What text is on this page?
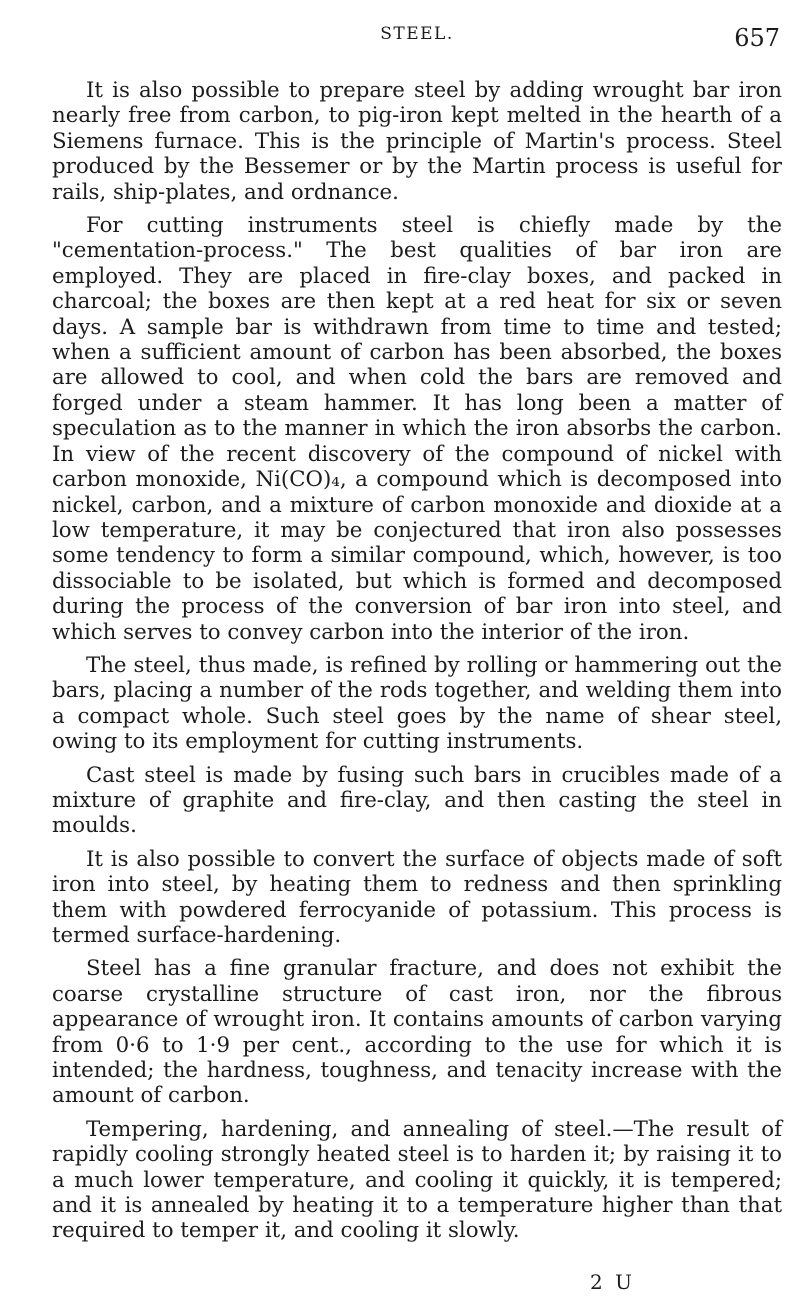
STEEL.	657

It is also possible to prepare steel by adding wrought bar iron nearly free from carbon, to pig-iron kept melted in the hearth of a Siemens furnace. This is the principle of Martin's process. Steel produced by the Bessemer or by the Martin process is useful for rails, ship-plates, and ordnance.

For cutting instruments steel is chiefly made by the "cementation-process." The best qualities of bar iron are employed. They are placed in fire-clay boxes, and packed in charcoal; the boxes are then kept at a red heat for six or seven days. A sample bar is withdrawn from time to time and tested; when a sufficient amount of carbon has been absorbed, the boxes are allowed to cool, and when cold the bars are removed and forged under a steam hammer. It has long been a matter of speculation as to the manner in which the iron absorbs the carbon. In view of the recent discovery of the compound of nickel with carbon monoxide, Ni(CO)₄, a compound which is decomposed into nickel, carbon, and a mixture of carbon monoxide and dioxide at a low temperature, it may be conjectured that iron also possesses some tendency to form a similar compound, which, however, is too dissociable to be isolated, but which is formed and decomposed during the process of the conversion of bar iron into steel, and which serves to convey carbon into the interior of the iron.

The steel, thus made, is refined by rolling or hammering out the bars, placing a number of the rods together, and welding them into a compact whole. Such steel goes by the name of shear steel, owing to its employment for cutting instruments.

Cast steel is made by fusing such bars in crucibles made of a mixture of graphite and fire-clay, and then casting the steel in moulds.

It is also possible to convert the surface of objects made of soft iron into steel, by heating them to redness and then sprinkling them with powdered ferrocyanide of potassium. This process is termed surface-hardening.

Steel has a fine granular fracture, and does not exhibit the coarse crystalline structure of cast iron, nor the fibrous appearance of wrought iron. It contains amounts of carbon varying from 0·6 to 1·9 per cent., according to the use for which it is intended; the hardness, toughness, and tenacity increase with the amount of carbon.

Tempering, hardening, and annealing of steel.—The result of rapidly cooling strongly heated steel is to harden it; by raising it to a much lower temperature, and cooling it quickly, it is tempered; and it is annealed by heating it to a temperature higher than that required to temper it, and cooling it slowly.

2 U
